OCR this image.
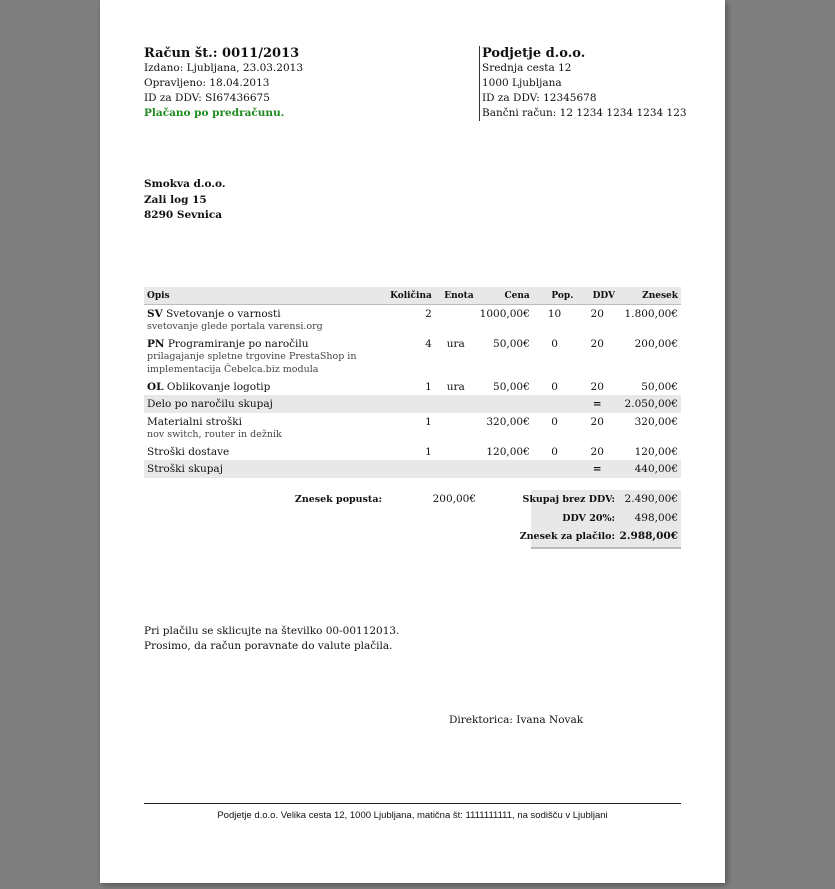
Račun št.: 0011/2013
Izdano: Ljubljana, 23.03.2013
Opravljeno: 18.04.2013
ID za DDV: SI67436675
Plačano po predračunu.
Podjetje d.o.o.
Srednja cesta 12
1000 Ljubljana
ID za DDV: 12345678
Bančni račun: 12 1234 1234 1234 123
Smokva d.o.o.
Zali log 15
8290 Sevnica
Opis	Količina	Enota	Cena	Pop.	DDV	Znesek
SV Svetovanje o varnosti
svetovanje glede portala varensi.org	2		1000,00€	10	20	1.800,00€
PN Programiranje po naročilu
prilagajanje spletne trgovine PrestaShop in
implementacija Čebelca.biz modula	4	ura	50,00€	0	20	200,00€
OL Oblikovanje logotip	1	ura	50,00€	0	20	50,00€
Delo po naročilu skupaj					=	2.050,00€
Materialni stroški
nov switch, router in dežnik	1		320,00€	0	20	320,00€
Stroški dostave	1		120,00€	0	20	120,00€
Stroški skupaj					=	440,00€
Znesek popusta:	200,00€	Skupaj brez DDV: 2.490,00€
DDV 20%: 498,00€
Znesek za plačilo: 2.988,00€
Pri plačilu se sklicujte na številko 00-00112013.
Prosimo, da račun poravnate do valute plačila.
Direktorica: Ivana Novak
Podjetje d.o.o. Velika cesta 12, 1000 Ljubljana, matična št: 1111111111, na sodišču v Ljubljani
